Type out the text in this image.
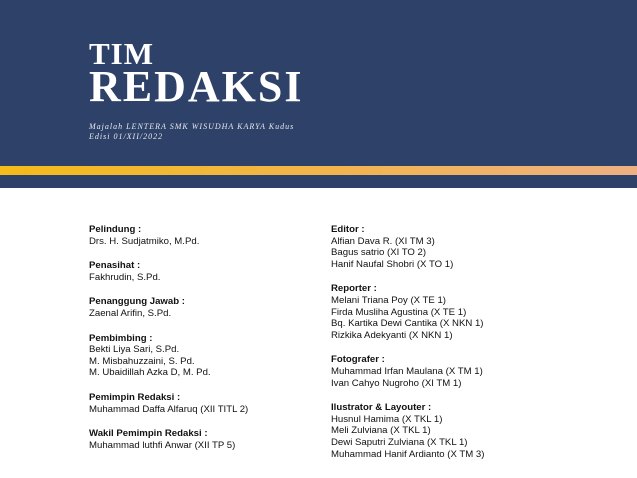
TIM
REDAKSI
Majalah LENTERA SMK WISUDHA KARYA Kudus
Edisi 01/XII/2022
Pelindung :
Drs. H. Sudjatmiko, M.Pd.
Penasihat :
Fakhrudin, S.Pd.
Penanggung Jawab :
Zaenal Arifin, S.Pd.
Pembimbing :
Bekti Liya Sari, S.Pd.
M. Misbahuzzaini, S. Pd.
M. Ubaidillah Azka D, M. Pd.
Pemimpin Redaksi :
Muhammad Daffa Alfaruq (XII TITL 2)
Wakil Pemimpin Redaksi :
Muhammad luthfi Anwar (XII TP 5)
Editor :
Alfian Dava R. (XI TM 3)
Bagus satrio (XI TO 2)
Hanif Naufal Shobri (X TO 1)
Reporter :
Melani Triana Poy (X TE 1)
Firda Musliha Agustina (X TE 1)
Bq. Kartika Dewi Cantika (X NKN 1)
Rizkika Adekyanti (X NKN 1)
Fotografer :
Muhammad Irfan Maulana (X TM 1)
Ivan Cahyo Nugroho (XI TM 1)
Ilustrator & Layouter :
Husnul Hamima (X TKL 1)
Meli Zulviana (X TKL 1)
Dewi Saputri Zulviana (X TKL 1)
Muhammad Hanif Ardianto (X TM 3)
